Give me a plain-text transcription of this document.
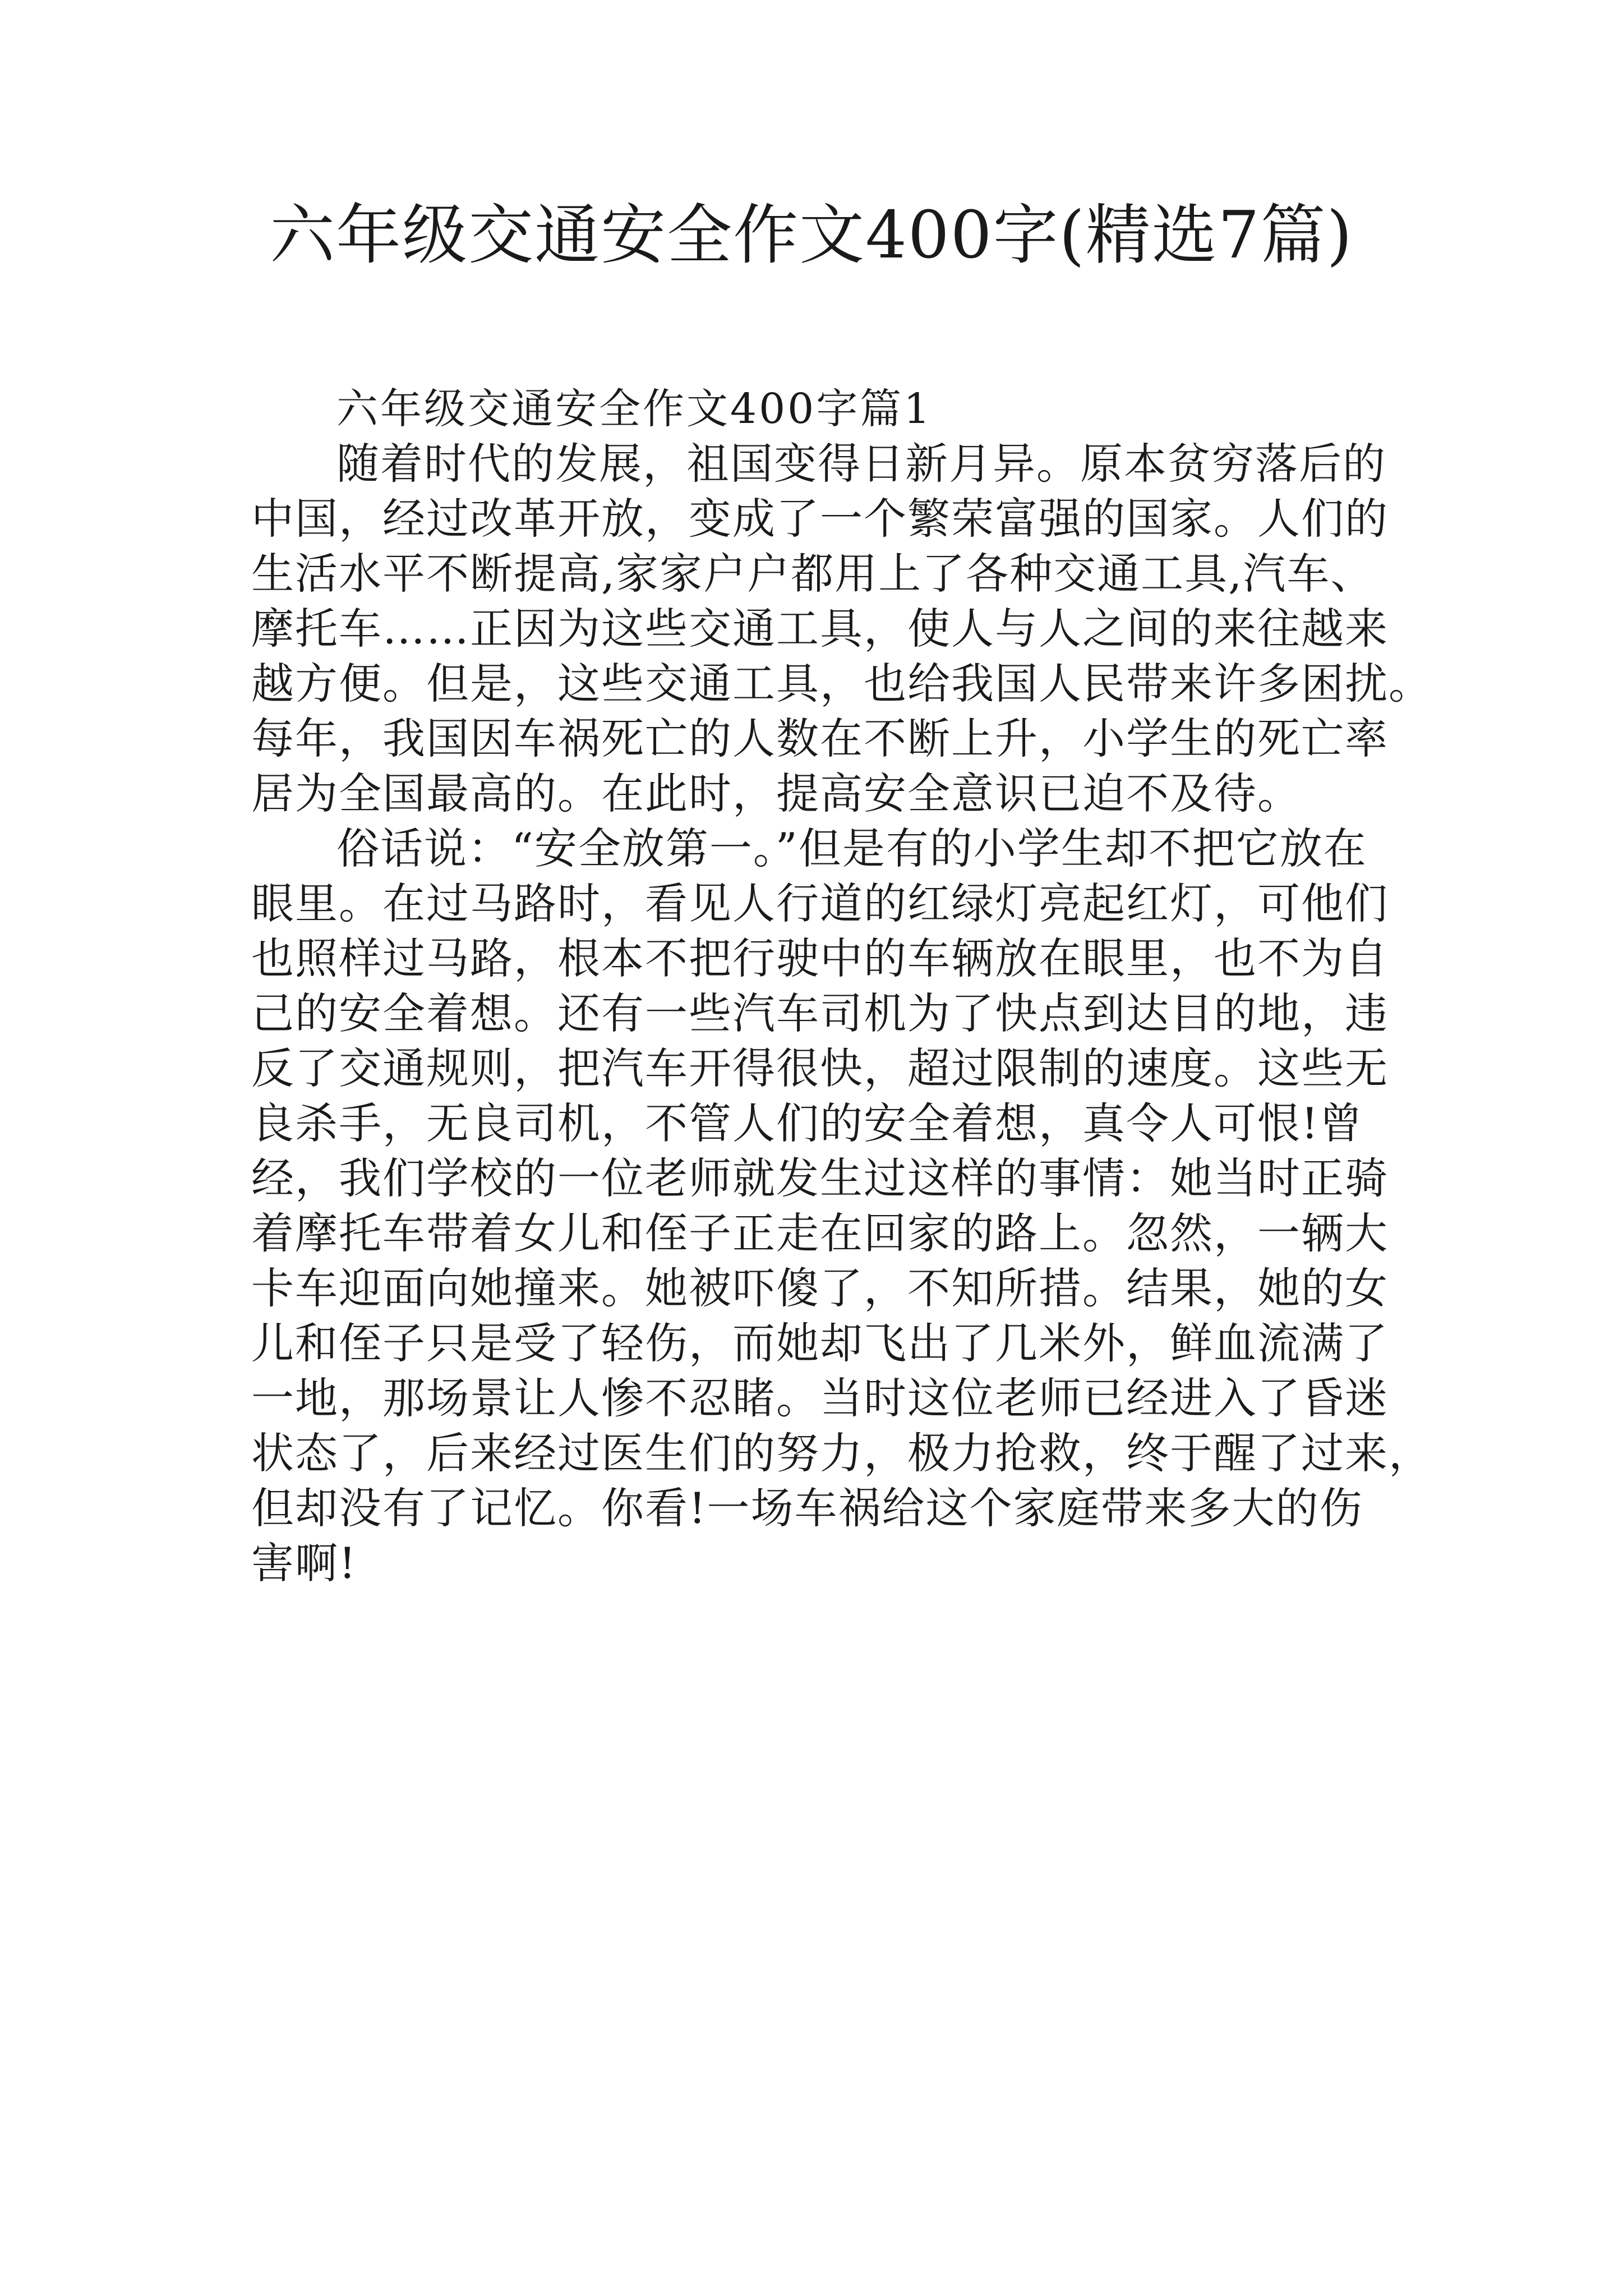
六年级交通安全作文400字(精选7篇)
六年级交通安全作文400字篇1
随着时代的发展，祖国变得日新月异。原本贫穷落后的
中国，经过改革开放，变成了一个繁荣富强的国家。人们的
生活水平不断提高,家家户户都用上了各种交通工具,汽车、
摩托车……正因为这些交通工具，使人与人之间的来往越来
越方便。但是，这些交通工具，也给我国人民带来许多困扰。
每年，我国因车祸死亡的人数在不断上升，小学生的死亡率
居为全国最高的。在此时，提高安全意识已迫不及待。
俗话说：“安全放第一。”但是有的小学生却不把它放在
眼里。在过马路时，看见人行道的红绿灯亮起红灯，可他们
也照样过马路，根本不把行驶中的车辆放在眼里，也不为自
己的安全着想。还有一些汽车司机为了快点到达目的地，违
反了交通规则，把汽车开得很快，超过限制的速度。这些无
良杀手，无良司机，不管人们的安全着想，真令人可恨!曾
经，我们学校的一位老师就发生过这样的事情：她当时正骑
着摩托车带着女儿和侄子正走在回家的路上。忽然，一辆大
卡车迎面向她撞来。她被吓傻了，不知所措。结果，她的女
儿和侄子只是受了轻伤，而她却飞出了几米外，鲜血流满了
一地，那场景让人惨不忍睹。当时这位老师已经进入了昏迷
状态了，后来经过医生们的努力，极力抢救，终于醒了过来，
但却没有了记忆。你看!一场车祸给这个家庭带来多大的伤
害啊!
